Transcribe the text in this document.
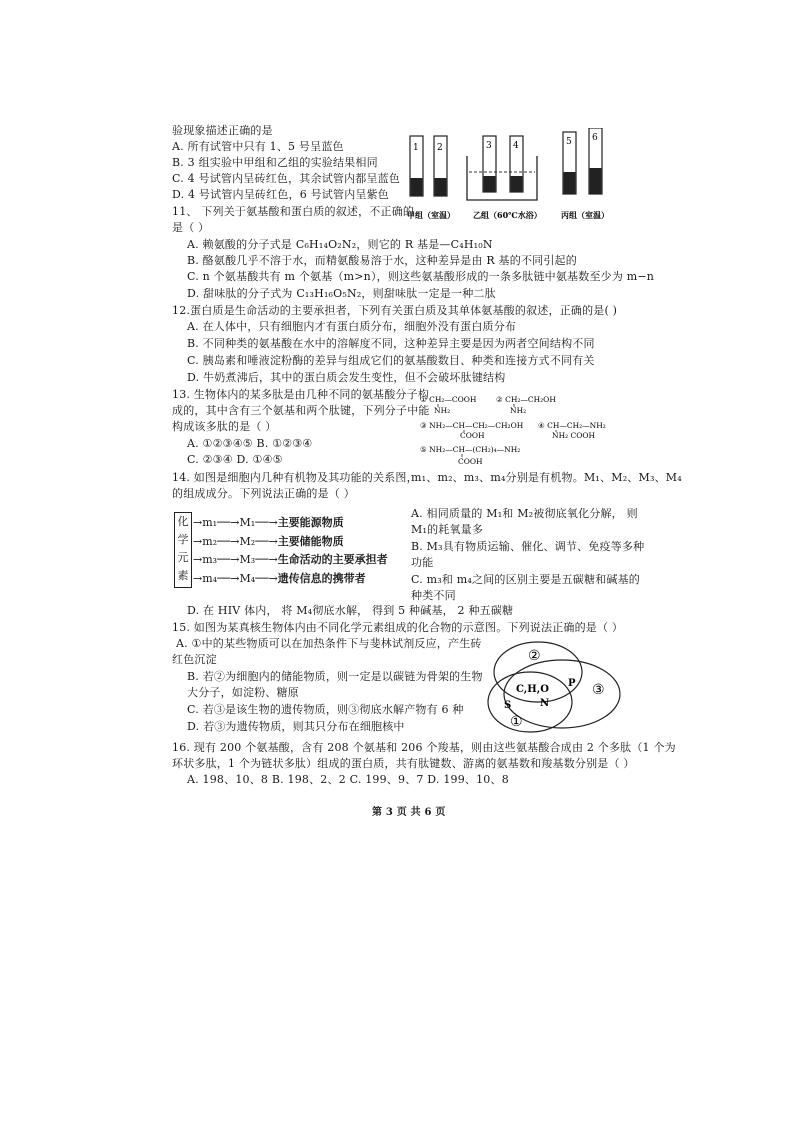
验现象描述正确的是
A. 所有试管中只有 1、5 号呈蓝色
B. 3 组实验中甲组和乙组的实验结果相同
C. 4 号试管内呈砖红色，其余试管内都呈蓝色
D. 4 号试管内呈砖红色，6 号试管内呈紫色
1 2	3 4	5 6
甲组（室温） 乙组（60℃水浴） 丙组（室温）
11、 下列关于氨基酸和蛋白质的叙述，不正确的
是（ ）
A. 赖氨酸的分子式是 C₆H₁₄O₂N₂，则它的 R 基是—C₄H₁₀N
B. 酪氨酸几乎不溶于水，而精氨酸易溶于水，这种差异是由 R 基的不同引起的
C. n 个氨基酸共有 m 个氨基（m>n），则这些氨基酸形成的一条多肽链中氨基数至少为 m−n
D. 甜味肽的分子式为 C₁₃H₁₆O₅N₂，则甜味肽一定是一种二肽
12.蛋白质是生命活动的主要承担者，下列有关蛋白质及其单体氨基酸的叙述，正确的是( )
A. 在人体中，只有细胞内才有蛋白质分布，细胞外没有蛋白质分布
B. 不同种类的氨基酸在水中的溶解度不同，这种差异主要是因为两者空间结构不同
C. 胰岛素和唾液淀粉酶的差异与组成它们的氨基酸数目、种类和连接方式不同有关
D. 牛奶煮沸后，其中的蛋白质会发生变性，但不会破坏肽键结构
13. 生物体内的某多肽是由几种不同的氨基酸分子构
成的，其中含有三个氨基和两个肽键，下列分子中能
构成该多肽的是（ ）
A. ①②③④⑤ B. ①②③④
C. ②③④ D. ①④⑤
① CH₂—COOH
NH₂
② CH₂—CH₂OH
NH₂
③ NH₂—CH—CH₂—CH₂OH
COOH
④ CH—CH₂—NH₂
NH₂ COOH
⑤ NH₂—CH—(CH₂)₄—NH₂
COOH
14. 如图是细胞内几种有机物及其功能的关系图，
m₁、m₂、m₃、m₄分别是有机物。M₁、M₂、M₃、M₄
的组成成分。下列说法正确的是（ ）
化
学
元
素
→m₁──→M₁──→主要能源物质
→m₂──→M₂──→主要储能物质
→m₃──→M₃──→生命活动的主要承担者
→m₄──→M₄──→遗传信息的携带者
A. 相同质量的 M₁和 M₂被彻底氧化分解， 则
M₁的耗氧量多
B. M₃具有物质运输、催化、调节、免疫等多种
功能
C. m₃和 m₄之间的区别主要是五碳糖和碱基的
种类不同
D. 在 HIV 体内， 将 M₄彻底水解， 得到 5 种碱基， 2 种五碳糖
15. 如图为某真核生物体内由不同化学元素组成的化合物的示意图。下列说法正确的是（ ）
A. ①中的某些物质可以在加热条件下与斐林试剂反应，产生砖
红色沉淀
B. 若②为细胞内的储能物质，则一定是以碳链为骨架的生物
大分子，如淀粉、糖原
C. 若③是该生物的遗传物质，则③彻底水解产物有 6 种
D. 若③为遗传物质，则其只分布在细胞核中
②
C,H,O
N
P ③
S
①
16. 现有 200 个氨基酸，含有 208 个氨基和 206 个羧基，则由这些氨基酸合成由 2 个多肽（1 个为
环状多肽，1 个为链状多肽）组成的蛋白质，共有肽键数、游离的氨基数和羧基数分别是（ ）
A. 198、10、8 B. 198、2、2 C. 199、9、7 D. 199、10、8
第 3 页 共 6 页
